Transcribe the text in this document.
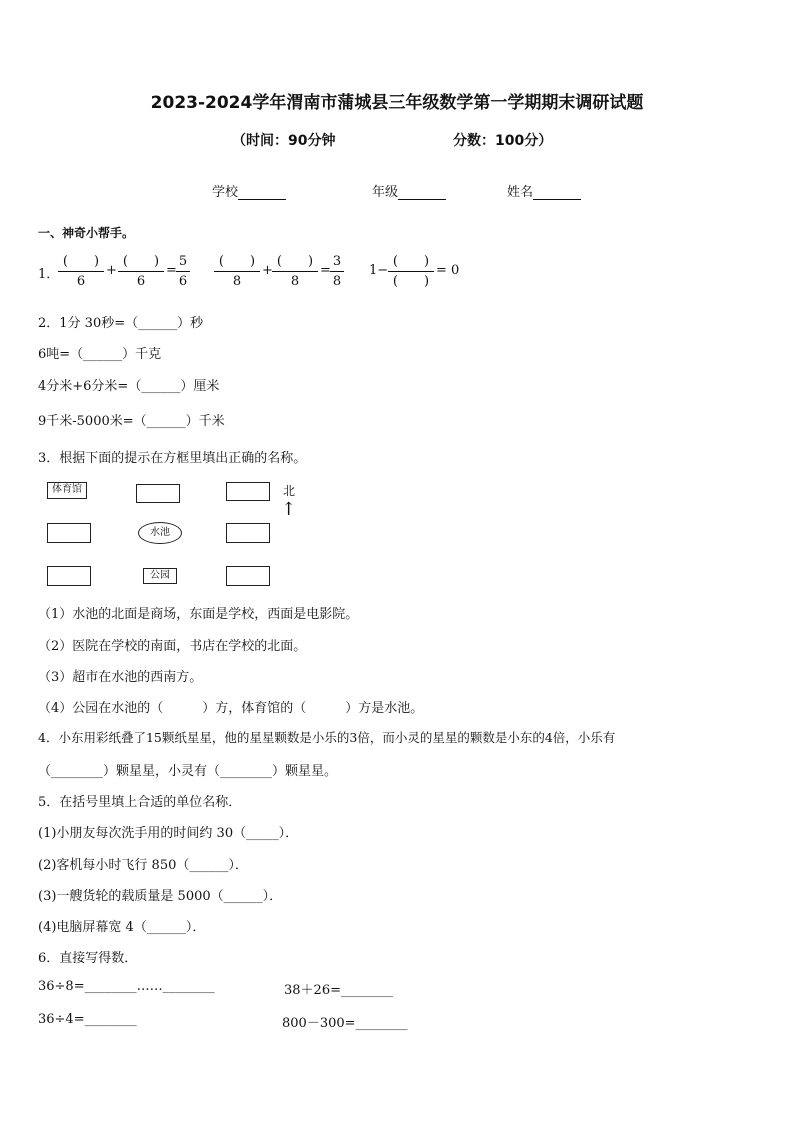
2023-2024学年渭南市蒲城县三年级数学第一学期期末调研试题
（时间：90分钟	分数：100分）
学校	年级	姓名
一、神奇小帮手。
1．
(　　)
6
+
(　　)
6
=
5
6
(　　)
8
+
(　　)
8
=
3
8
1−
(　　)
(　　)
= 0
2．1分 30秒=（______）秒
6吨=（______）千克
4分米+6分米=（______）厘米
9千米-5000米=（______）千米
3．根据下面的提示在方框里填出正确的名称。
体育馆	北
↑
水池
公园
（1）水池的北面是商场，东面是学校，西面是电影院。
（2）医院在学校的南面，书店在学校的北面。
（3）超市在水池的西南方。
（4）公园在水池的（　　　）方，体育馆的（　　　）方是水池。
4．小东用彩纸叠了15颗纸星星，他的星星颗数是小乐的3倍，而小灵的星星的颗数是小东的4倍，小乐有
（________）颗星星，小灵有（________）颗星星。
5．在括号里填上合适的单位名称．
(1)小朋友每次洗手用的时间约 30（_____）．
(2)客机每小时飞行 850（______）．
(3)一艘货轮的载质量是 5000（______）．
(4)电脑屏幕宽 4（______）．
6．直接写得数．
36÷8=________……________	38＋26=________
36÷4=________	800－300=________
